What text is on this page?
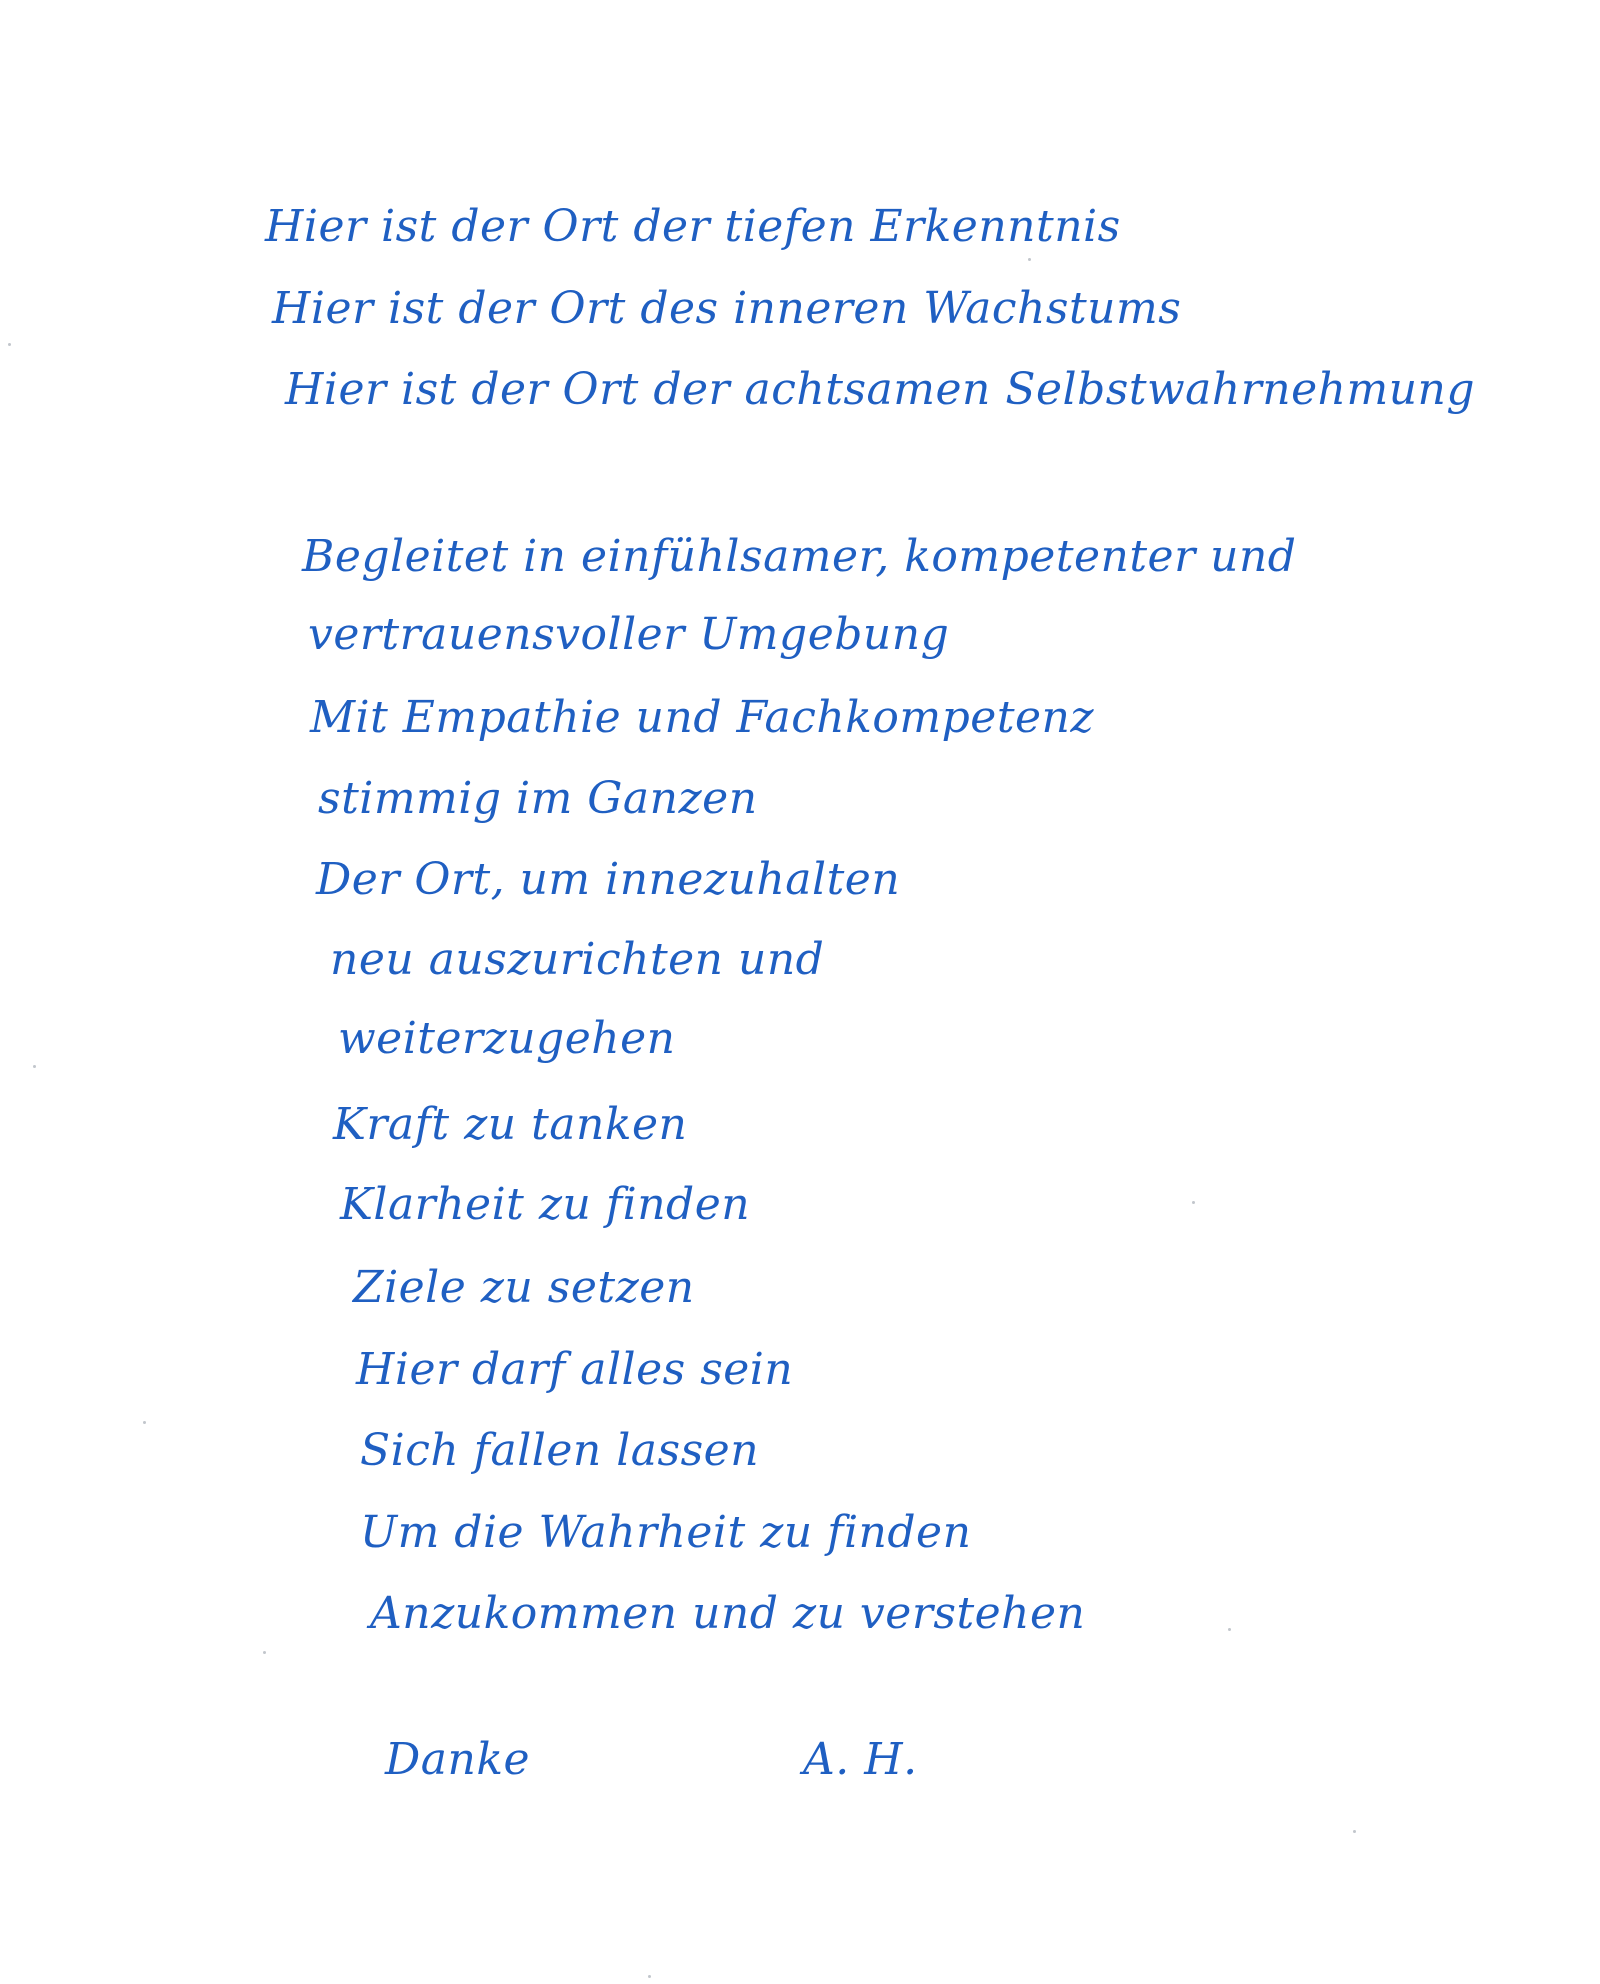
Hier ist der Ort der tiefen Erkenntnis
Hier ist der Ort des inneren Wachstums
Hier ist der Ort der achtsamen Selbstwahrnehmung
Begleitet in einfühlsamer, kompetenter und
vertrauensvoller Umgebung
Mit Empathie und Fachkompetenz
stimmig im Ganzen
Der Ort, um innezuhalten
neu auszurichten und
weiterzugehen
Kraft zu tanken
Klarheit zu finden
Ziele zu setzen
Hier darf alles sein
Sich fallen lassen
Um die Wahrheit zu finden
Anzukommen und zu verstehen
Danke	A. H.
